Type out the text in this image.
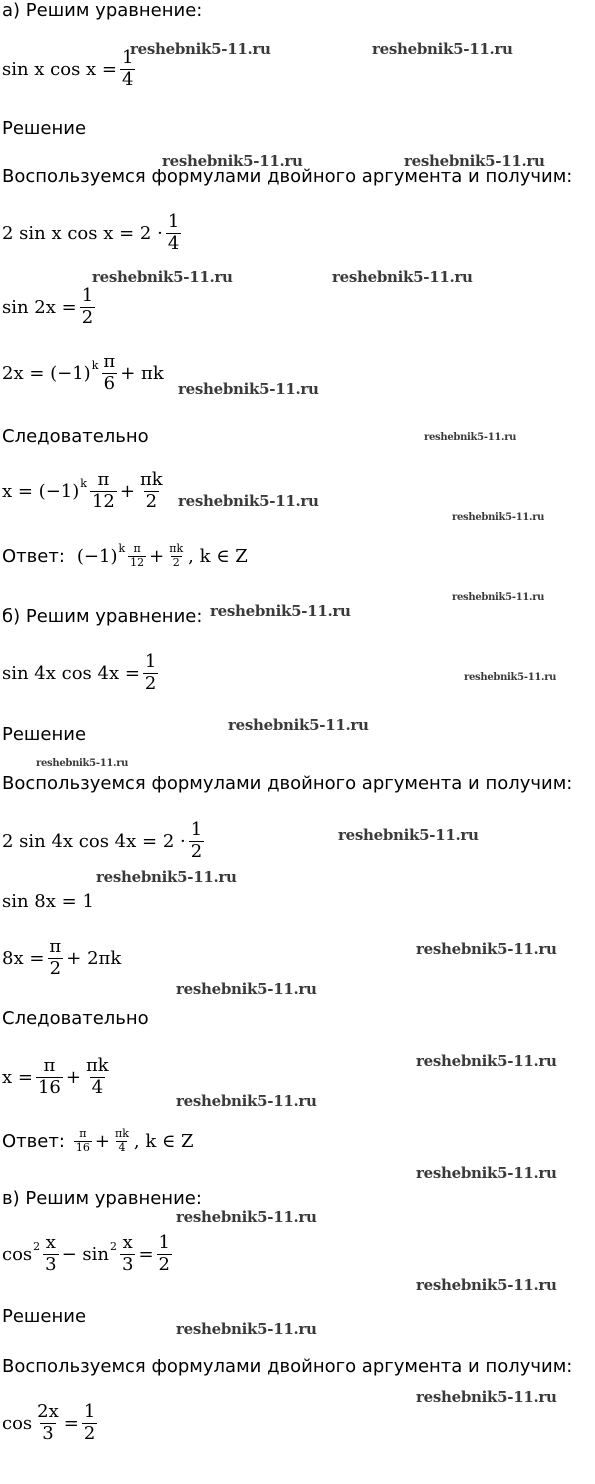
а) Решим уравнение:
sin x $\cos x = \frac{1}{4}$
Решение
Воспользуемся формулами двойного аргумента и получим:
2 sin x $\cos x = 2 \cdot \frac{1}{4}$
$\sin 2x = \frac{1}{2}$
2x = (−1) k $\frac{\pi}{6} + \pi k$
Следовательно
x = (−1) k $\frac{\pi}{12} + \frac{\pi k}{2}$
Ответ: (−1) k $\frac{\pi}{12} + \frac{\pi k}{2}$ , k ∈ Z
б) Решим уравнение:
sin 4x $\cos 4x = \frac{1}{2}$
Решение
Воспользуемся формулами двойного аргумента и получим:
2 sin 4x $\cos 4x = 2 \cdot \frac{1}{2}$
sin 8x = 1
$8x = \frac{\pi}{2} + 2\pi k$
Следовательно
$x = \frac{\pi}{16} + \frac{\pi k}{4}$
Ответ: $\frac{\pi}{16} + \frac{\pi k}{4}$ , k ∈ Z
в) Решим уравнение:
$\cos 2 \frac{x}{3} - \sin 2 \frac{x}{3} = \frac{1}{2}$
Решение
Воспользуемся формулами двойного аргумента и получим:
$\cos \frac{2x}{3} = \frac{1}{2}$
reshebnik5-11.ru	reshebnik5-11.ru
reshebnik5-11.ru	reshebnik5-11.ru
reshebnik5-11.ru	reshebnik5-11.ru
reshebnik5-11.ru
reshebnik5-11.ru
reshebnik5-11.ru
reshebnik5-11.ru
reshebnik5-11.ru
reshebnik5-11.ru
reshebnik5-11.ru
reshebnik5-11.ru
reshebnik5-11.ru
reshebnik5-11.ru
reshebnik5-11.ru
reshebnik5-11.ru
reshebnik5-11.ru
reshebnik5-11.ru
reshebnik5-11.ru
reshebnik5-11.ru
reshebnik5-11.ru
reshebnik5-11.ru
reshebnik5-11.ru
reshebnik5-11.ru
